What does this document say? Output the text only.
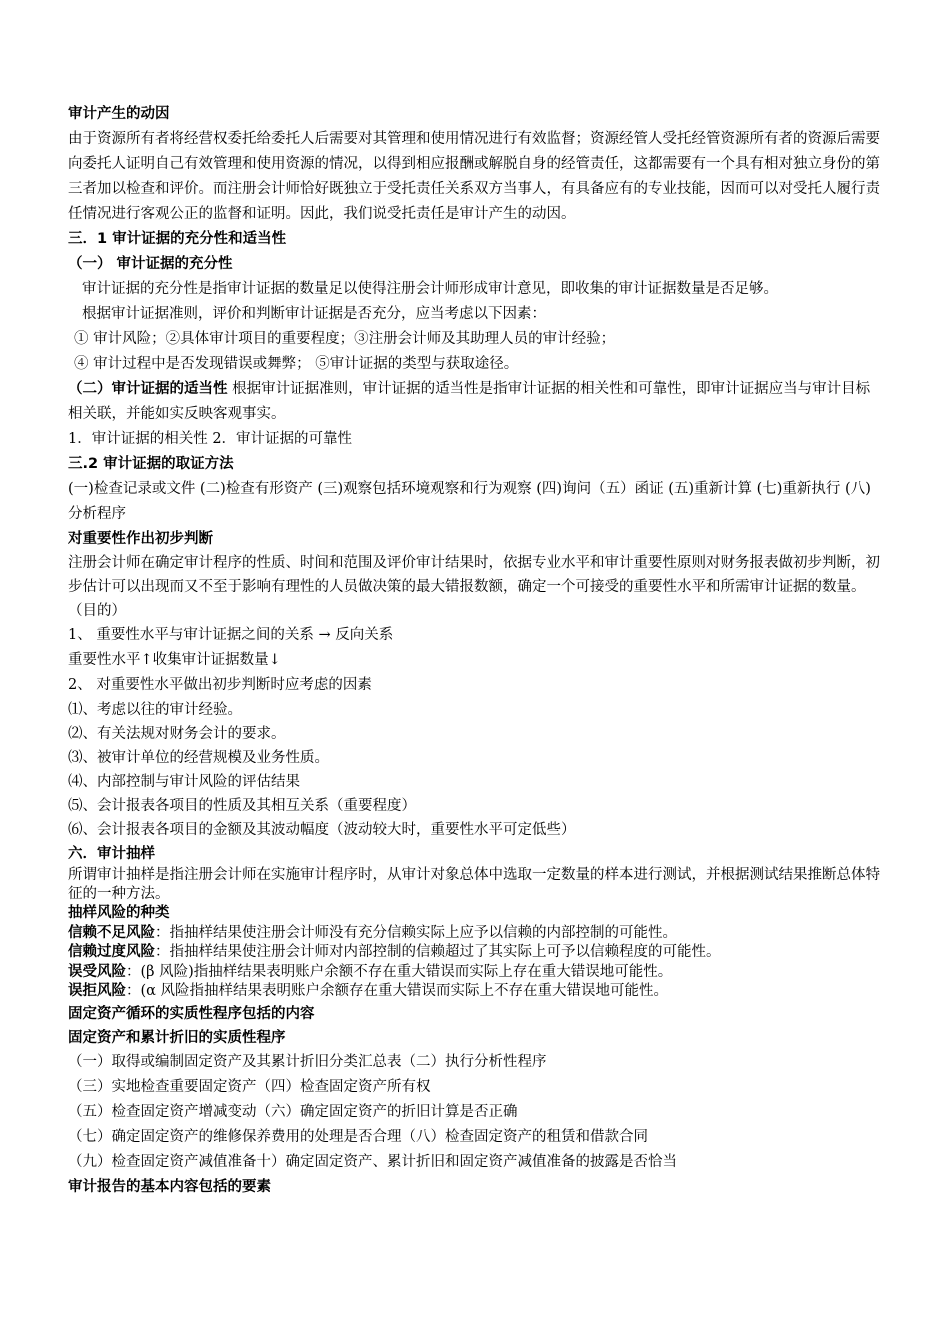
审计产生的动因

由于资源所有者将经营权委托给委托人后需要对其管理和使用情况进行有效监督；资源经管人受托经管资源所有者的资源后需要向委托人证明自己有效管理和使用资源的情况，以得到相应报酬或解脱自身的经管责任，这都需要有一个具有相对独立身份的第三者加以检查和评价。而注册会计师恰好既独立于受托责任关系双方当事人，有具备应有的专业技能，因而可以对受托人履行责任情况进行客观公正的监督和证明。因此，我们说受托责任是审计产生的动因。

三．1 审计证据的充分性和适当性

（一） 审计证据的充分性

审计证据的充分性是指审计证据的数量足以使得注册会计师形成审计意见，即收集的审计证据数量是否足够。

根据审计证据准则，评价和判断审计证据是否充分，应当考虑以下因素：

① 审计风险；②具体审计项目的重要程度；③注册会计师及其助理人员的审计经验；

④ 审计过程中是否发现错误或舞弊； ⑤审计证据的类型与获取途径。

（二）审计证据的适当性 根据审计证据准则，审计证据的适当性是指审计证据的相关性和可靠性，即审计证据应当与审计目标相关联，并能如实反映客观事实。

1．审计证据的相关性 2．审计证据的可靠性

三.2 审计证据的取证方法

(一)检查记录或文件 (二)检查有形资产 (三)观察包括环境观察和行为观察 (四)询问（五）函证 (五)重新计算 (七)重新执行 (八)分析程序

对重要性作出初步判断

注册会计师在确定审计程序的性质、时间和范围及评价审计结果时，依据专业水平和审计重要性原则对财务报表做初步判断，初步估计可以出现而又不至于影响有理性的人员做决策的最大错报数额，确定一个可接受的重要性水平和所需审计证据的数量。（目的）

1、 重要性水平与审计证据之间的关系 → 反向关系

重要性水平↑收集审计证据数量↓

2、 对重要性水平做出初步判断时应考虑的因素

⑴、考虑以往的审计经验。

⑵、有关法规对财务会计的要求。

⑶、被审计单位的经营规模及业务性质。

⑷、内部控制与审计风险的评估结果

⑸、会计报表各项目的性质及其相互关系（重要程度）

⑹、会计报表各项目的金额及其波动幅度（波动较大时，重要性水平可定低些）

六．审计抽样

所谓审计抽样是指注册会计师在实施审计程序时，从审计对象总体中选取一定数量的样本进行测试，并根据测试结果推断总体特征的一种方法。

抽样风险的种类

信赖不足风险：指抽样结果使注册会计师没有充分信赖实际上应予以信赖的内部控制的可能性。

信赖过度风险：指抽样结果使注册会计师对内部控制的信赖超过了其实际上可予以信赖程度的可能性。

误受风险：(β 风险)指抽样结果表明账户余额不存在重大错误而实际上存在重大错误地可能性。

误拒风险：(α 风险指抽样结果表明账户余额存在重大错误而实际上不存在重大错误地可能性。

固定资产循环的实质性程序包括的内容

固定资产和累计折旧的实质性程序

（一）取得或编制固定资产及其累计折旧分类汇总表（二）执行分析性程序

（三）实地检查重要固定资产（四）检查固定资产所有权

（五）检查固定资产增减变动（六）确定固定资产的折旧计算是否正确

（七）确定固定资产的维修保养费用的处理是否合理（八）检查固定资产的租赁和借款合同

（九）检查固定资产减值准备十）确定固定资产、累计折旧和固定资产减值准备的披露是否恰当

审计报告的基本内容包括的要素
